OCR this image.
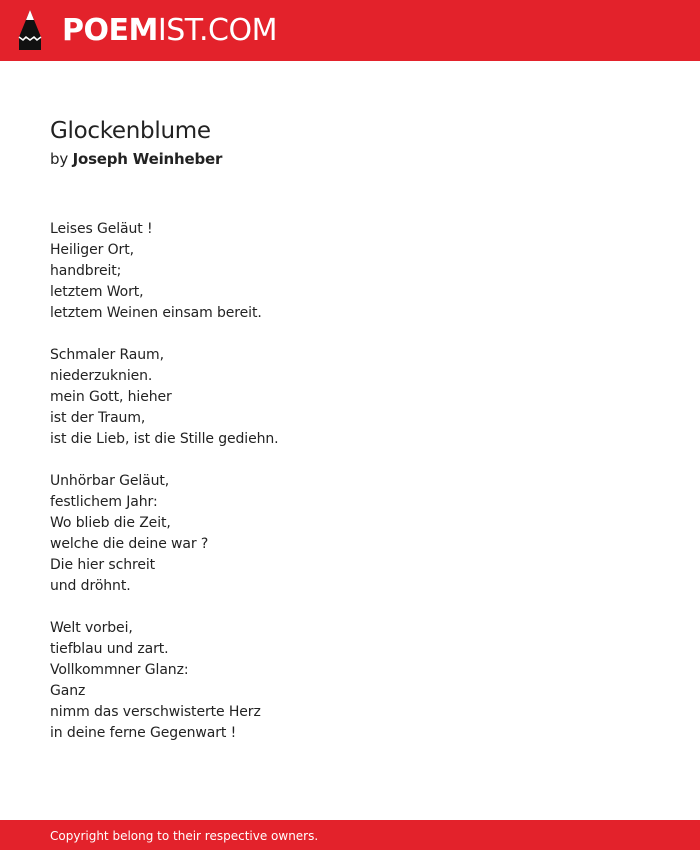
POEMIST.COM
Glockenblume
by Joseph Weinheber
Leises Geläut !
Heiliger Ort,
handbreit;
letztem Wort,
letztem Weinen einsam bereit.
Schmaler Raum,
niederzuknien.
mein Gott, hieher
ist der Traum,
ist die Lieb, ist die Stille gediehn.
Unhörbar Geläut,
festlichem Jahr:
Wo blieb die Zeit,
welche die deine war ?
Die hier schreit
und dröhnt.
Welt vorbei,
tiefblau und zart.
Vollkommner Glanz:
Ganz
nimm das verschwisterte Herz
in deine ferne Gegenwart !
Copyright belong to their respective owners.
